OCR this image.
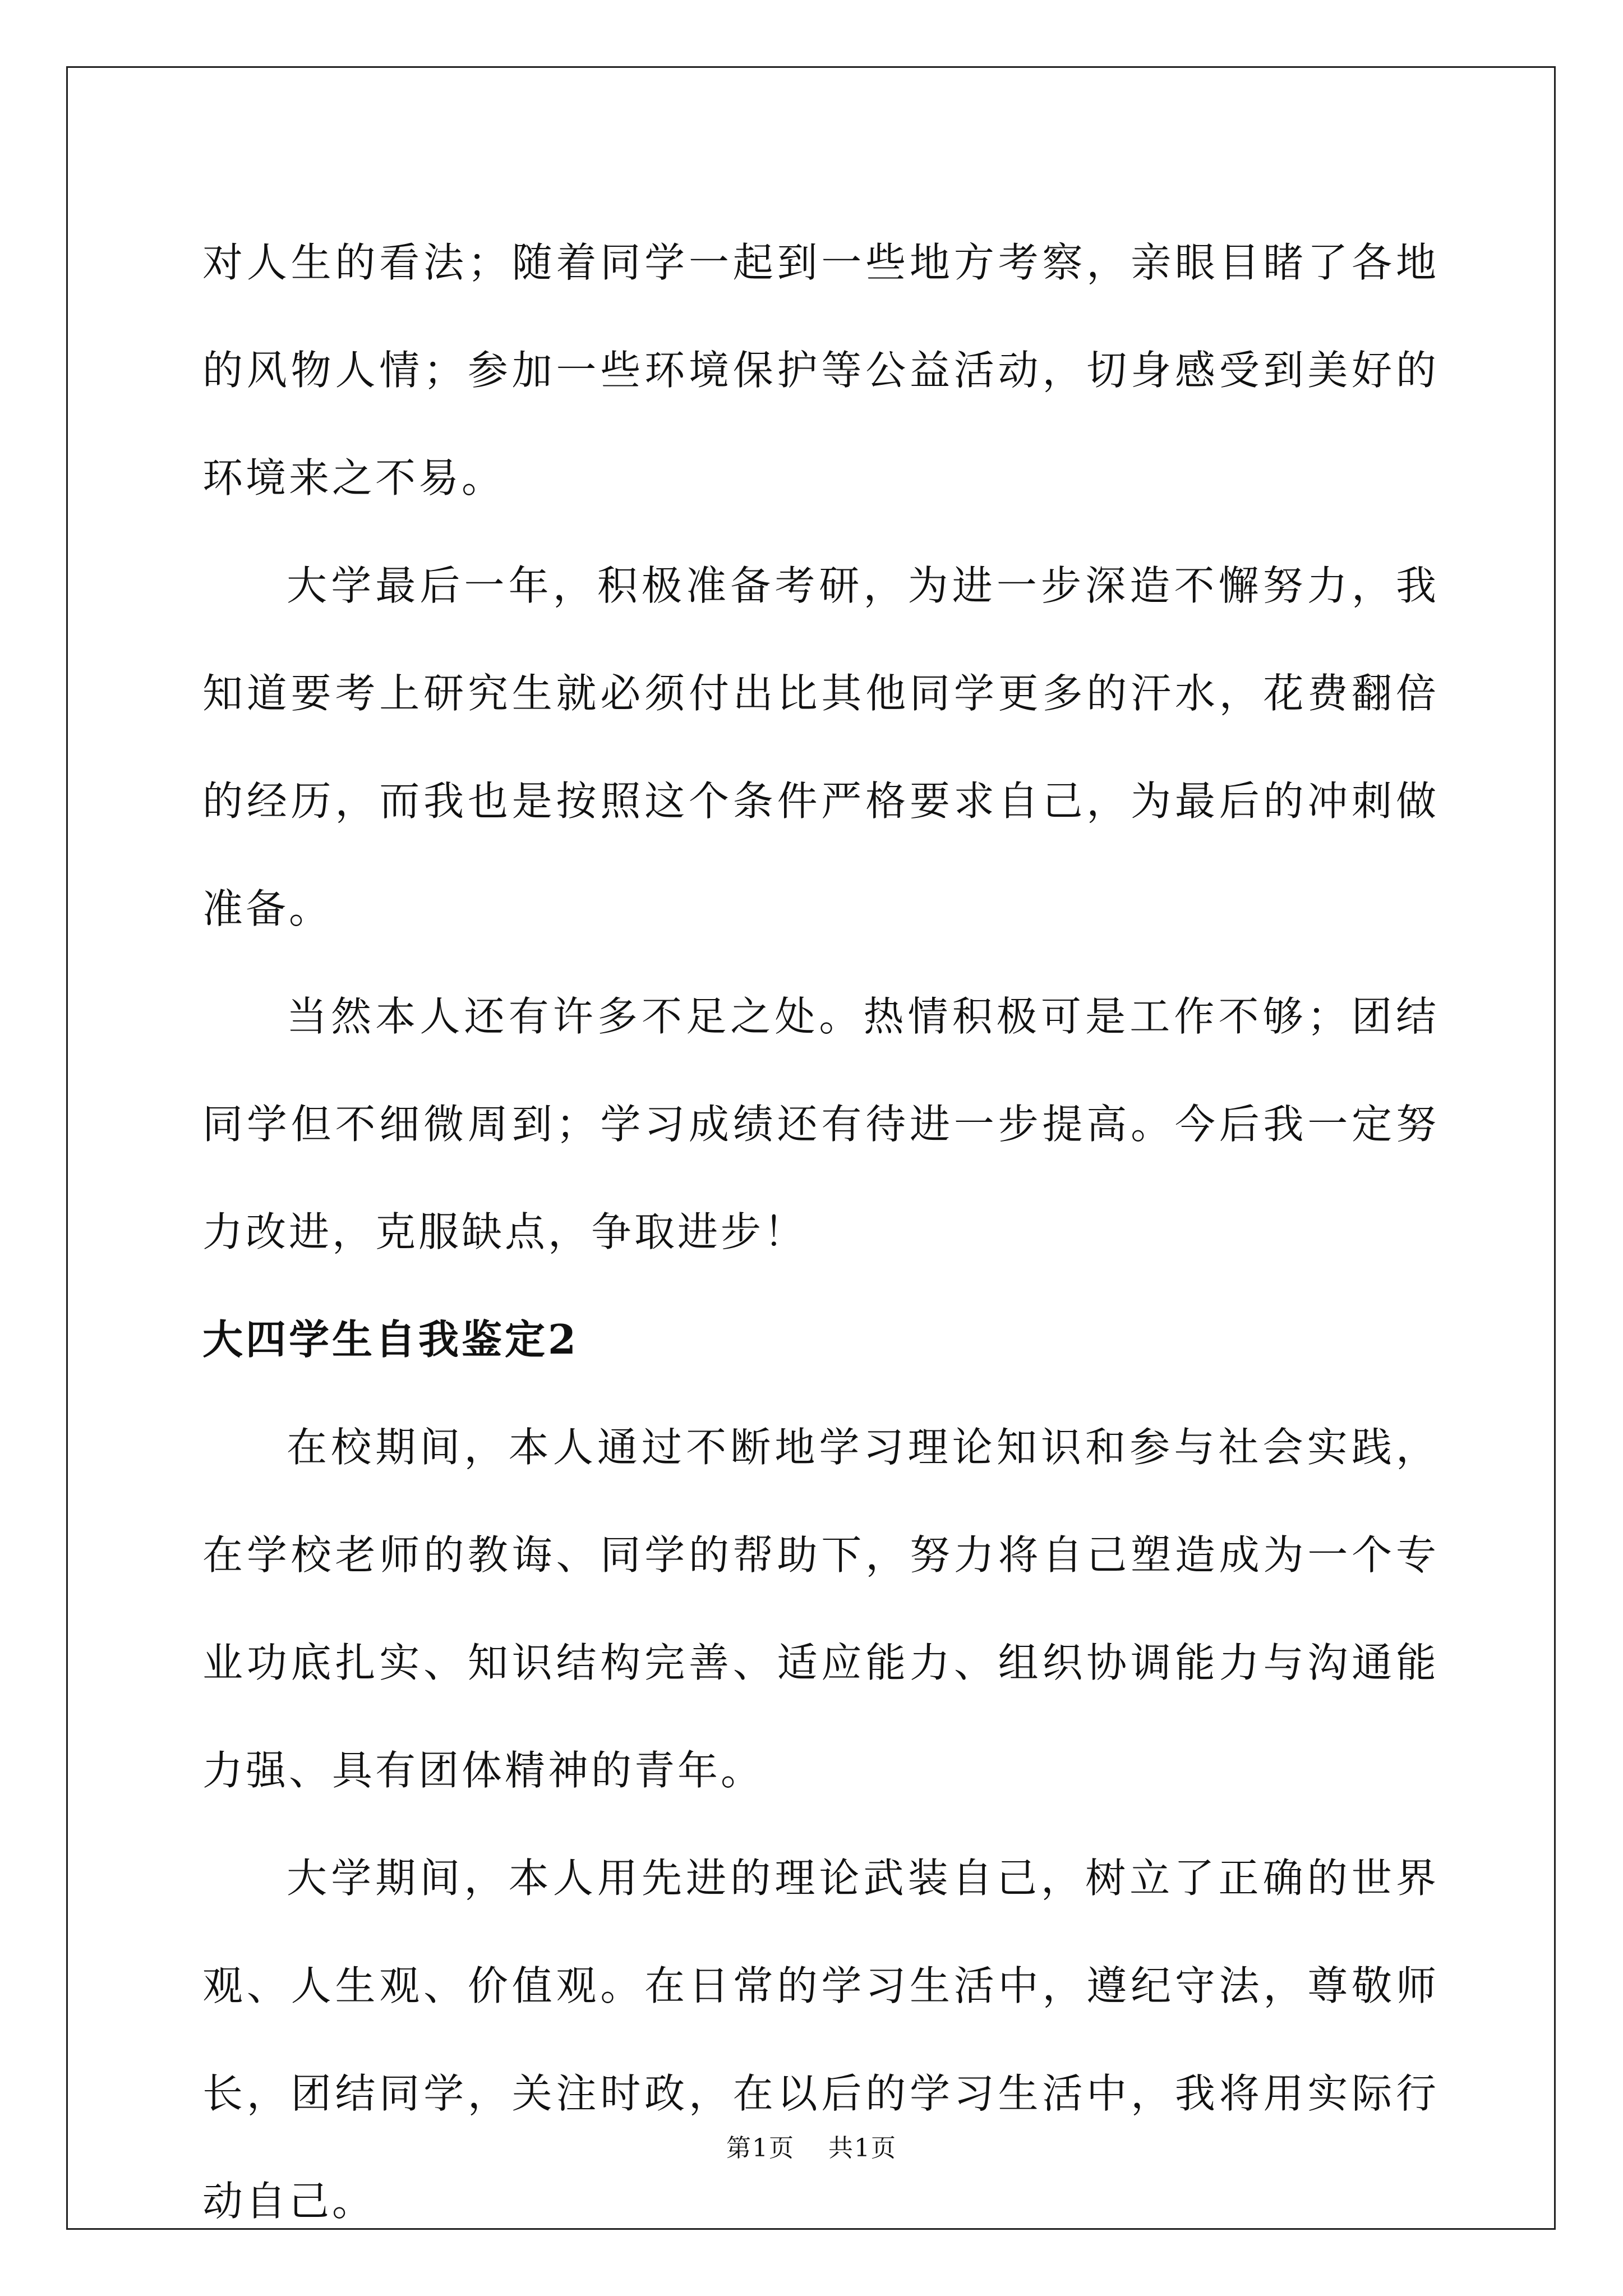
对人生的看法；随着同学一起到一些地方考察，亲眼目睹了各地的风物人情；参加一些环境保护等公益活动，切身感受到美好的环境来之不易。

大学最后一年，积极准备考研，为进一步深造不懈努力，我知道要考上研究生就必须付出比其他同学更多的汗水，花费翻倍的经历，而我也是按照这个条件严格要求自己，为最后的冲刺做准备。

当然本人还有许多不足之处。热情积极可是工作不够；团结同学但不细微周到；学习成绩还有待进一步提高。今后我一定努力改进，克服缺点，争取进步！

大四学生自我鉴定2

在校期间，本人通过不断地学习理论知识和参与社会实践，在学校老师的教诲、同学的帮助下，努力将自己塑造成为一个专业功底扎实、知识结构完善、适应能力、组织协调能力与沟通能力强、具有团体精神的青年。

大学期间，本人用先进的理论武装自己，树立了正确的世界观、人生观、价值观。在日常的学习生活中，遵纪守法，尊敬师长，团结同学，关注时政，在以后的学习生活中，我将用实际行动自己。

第1页 共1页
